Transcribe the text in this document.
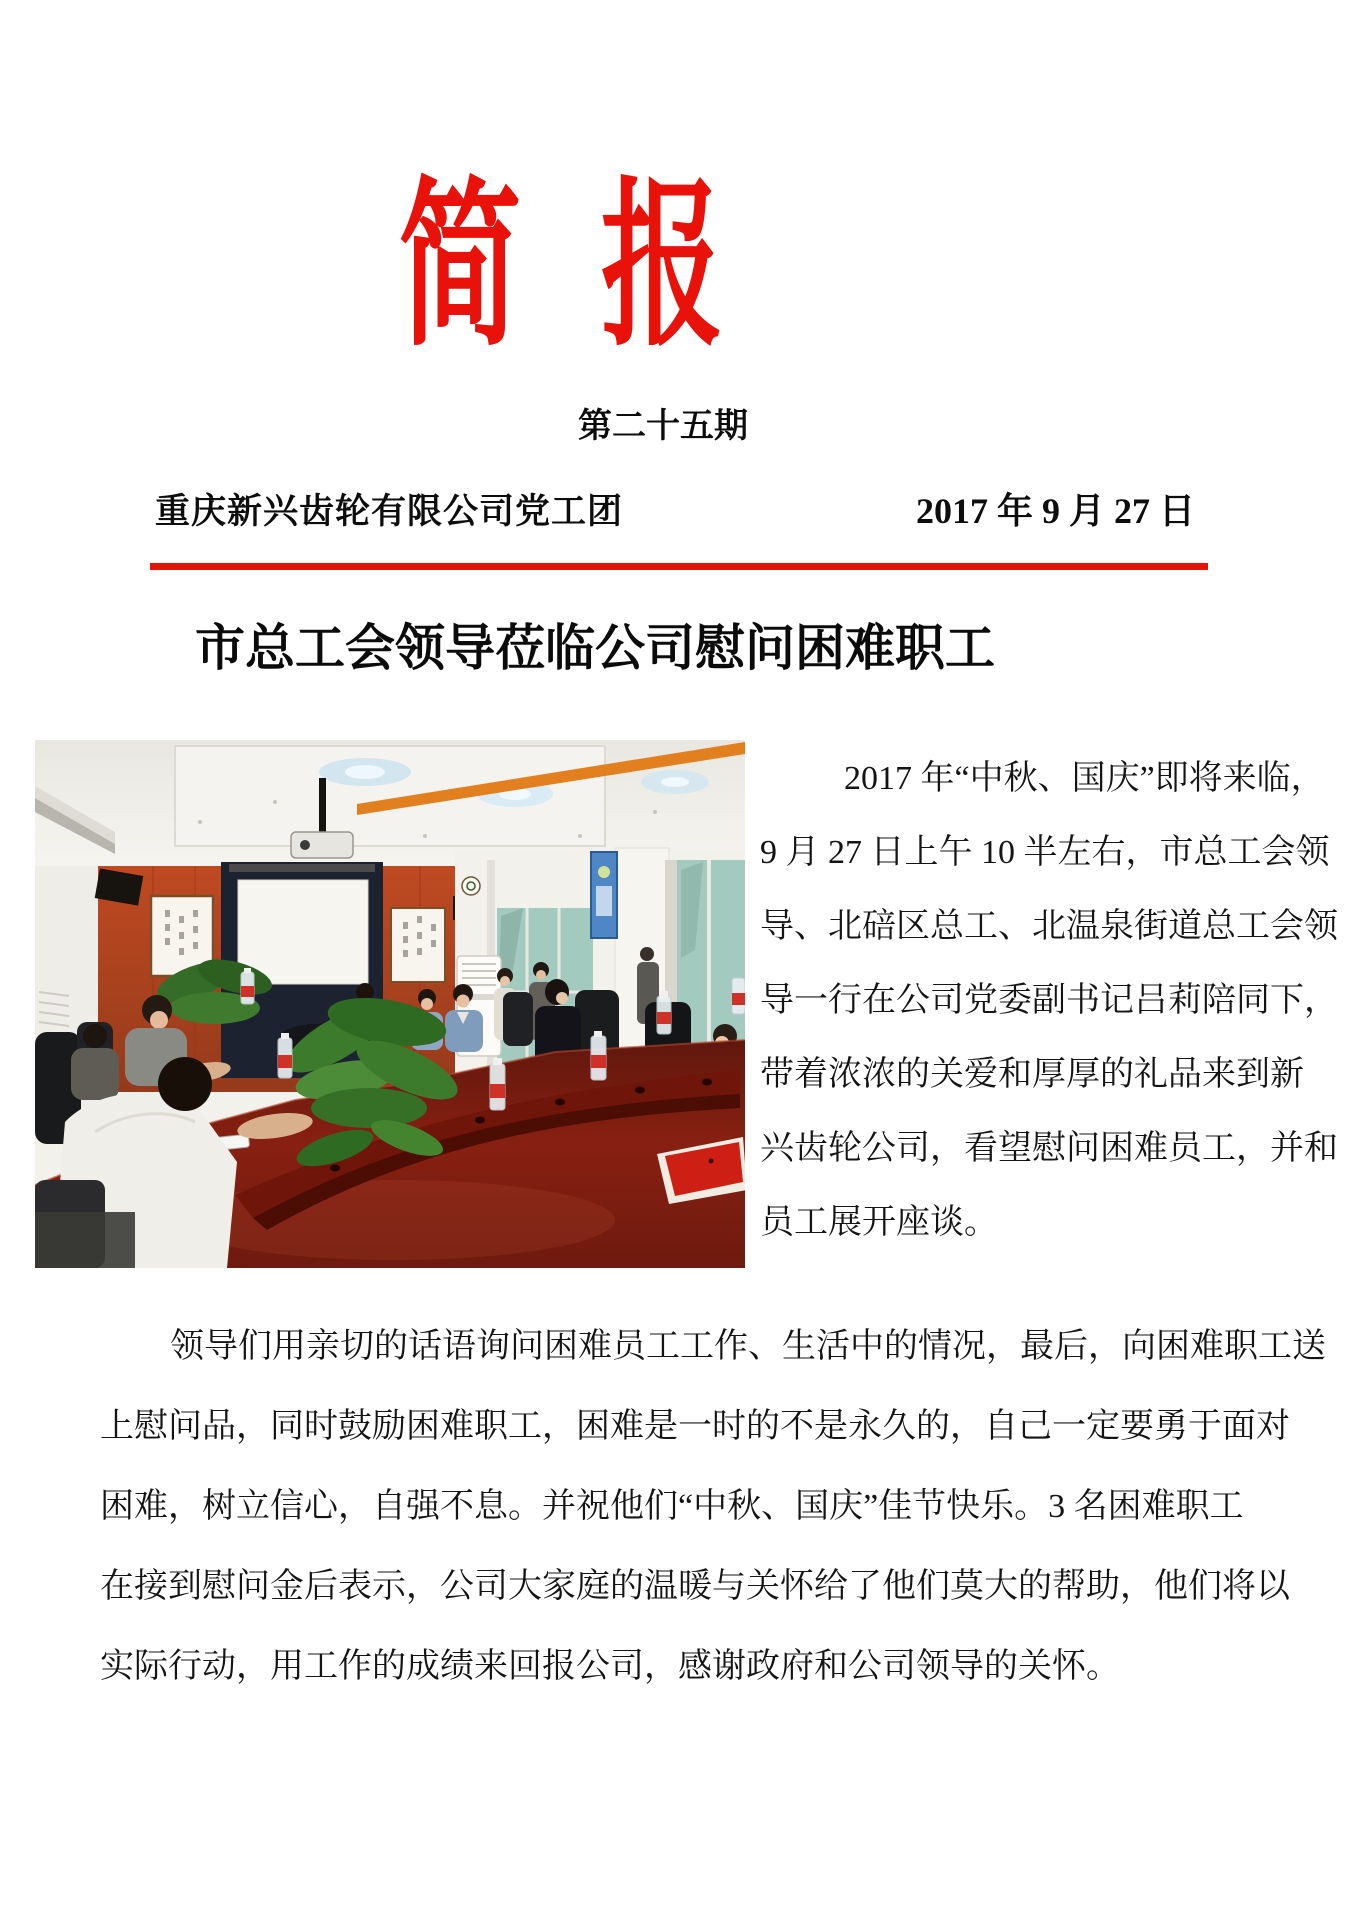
简 报
第二十五期
重庆新兴齿轮有限公司党工团	2017 年 9 月 27 日
市总工会领导莅临公司慰问困难职工
2017 年“中秋、国庆”即将来临，
9 月 27 日上午 10 半左右，市总工会领
导、北碚区总工、北温泉街道总工会领
导一行在公司党委副书记吕莉陪同下，
带着浓浓的关爱和厚厚的礼品来到新
兴齿轮公司，看望慰问困难员工，并和
员工展开座谈。
领导们用亲切的话语询问困难员工工作、生活中的情况，最后，向困难职工送
上慰问品，同时鼓励困难职工，困难是一时的不是永久的，自己一定要勇于面对
困难，树立信心，自强不息。并祝他们“中秋、国庆”佳节快乐。3 名困难职工
在接到慰问金后表示，公司大家庭的温暖与关怀给了他们莫大的帮助，他们将以
实际行动，用工作的成绩来回报公司，感谢政府和公司领导的关怀。
